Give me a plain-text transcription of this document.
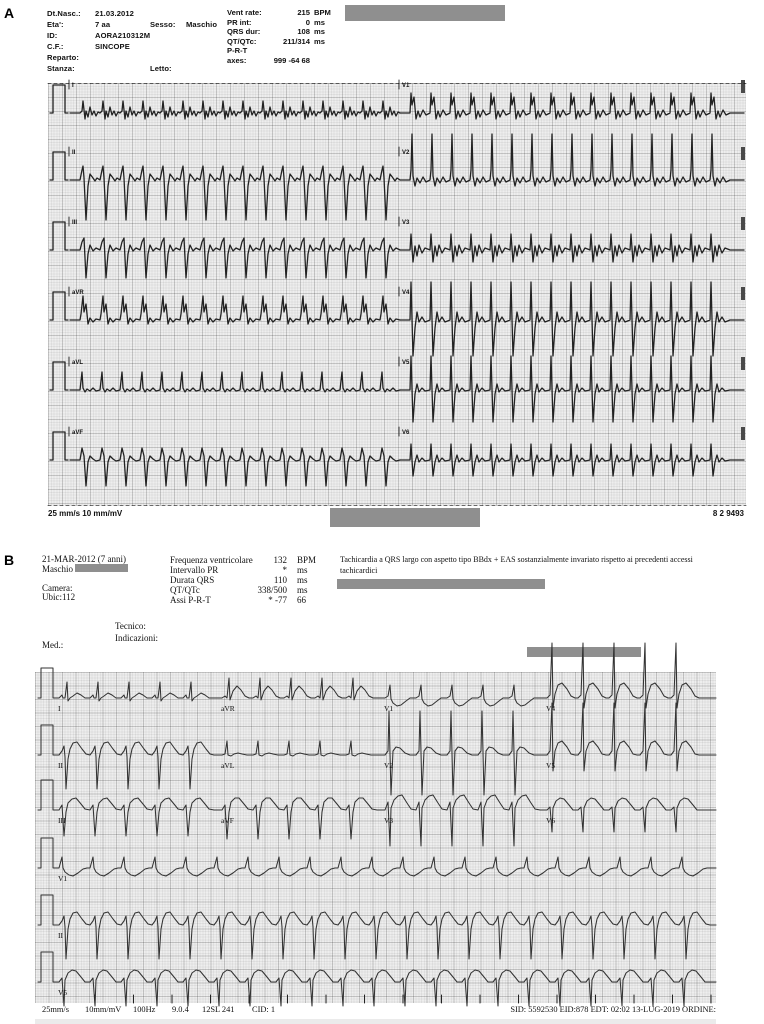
A	Dt.Nasc.: 21.03.2012
Eta':	7 aa	Sesso: Maschio
ID:	AORA210312M
C.F.:	SINCOPE
Reparto:
Stanza:	Letto:
Vent rate:	215 BPM
PR int:	0 ms
QRS dur:	108 ms
QT/QTc:	211/314 ms
P-R-T axes:	999 -64 68
I	V1
II	V2
III	V3
aVR	V4
aVL	V5
aVF	V6
25 mm/s 10 mm/mV	8 2 9493
B	21-MAR-2012 (7 anni)
Maschio

Camera:
Ubic:112
Frequenza ventricolare	132 BPM
Intervallo PR	* ms
Durata QRS	110 ms
QT/QTc	338/500 ms
Assi P-R-T	* -77 66
Tachicardia a QRS largo con aspetto tipo BBdx + EAS sostanzialmente invariato rispetto ai precedenti accessi tachicardici
Tecnico:
Indicazioni:
Med.:
I	aVR	V1	V4
II	aVL	V2	V5
III	aVF	V3	V6
V1
II
V5
25mm/s 10mm/mV 100Hz 9.0.4 12SL 241 CID: 1	SID: 5592530 EID:878 EDT: 02:02 13-LUG-2019 ORDINE:
